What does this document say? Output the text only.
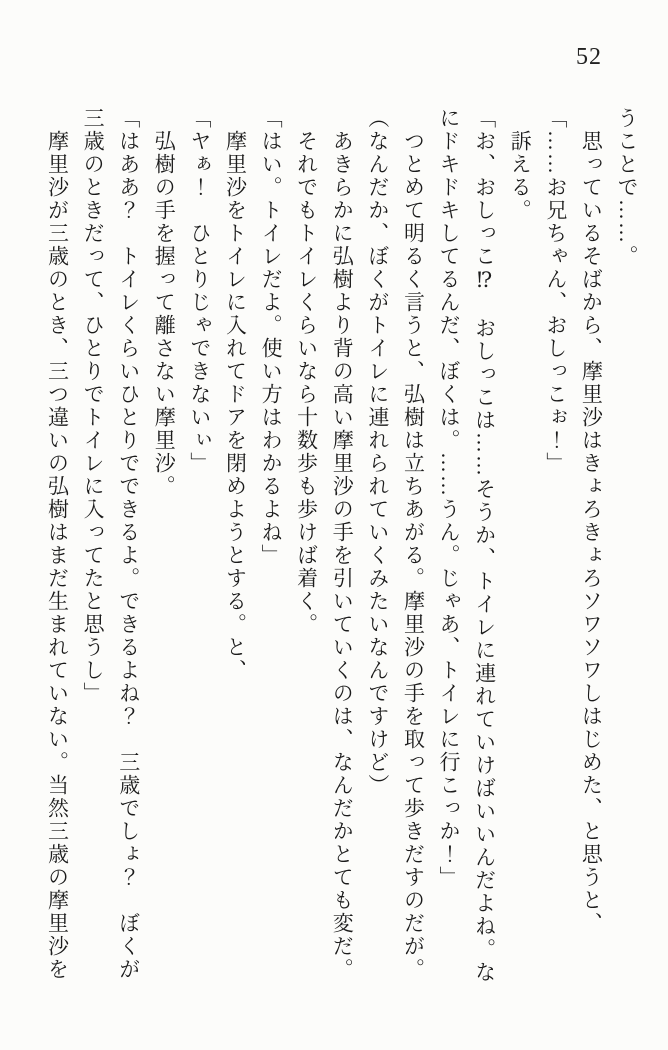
52

うことで……。

　思っているそばから、摩里沙はきょろきょろソワソワしはじめた、と思うと、

「……お兄ちゃん、おしっこぉ！」

　訴える。

「お、おしっこ⁉　おしっこは……そうか、トイレに連れていけばいいんだよね。なにドキドキしてるんだ、ぼくは。……うん。じゃあ、トイレに行こっか！」

　つとめて明るく言うと、弘樹は立ちあがる。摩里沙の手を取って歩きだすのだが。

（なんだか、ぼくがトイレに連れられていくみたいなんですけど）

　あきらかに弘樹より背の高い摩里沙の手を引いていくのは、なんだかとても変だ。

　それでもトイレくらいなら十数歩も歩けば着く。

「はい。トイレだよ。使い方はわかるよね」

　摩里沙をトイレに入れてドアを閉めようとする。と、

「ヤぁ！　ひとりじゃできないぃ」

　弘樹の手を握って離さない摩里沙。

「はああ？　トイレくらいひとりでできるよ。できるよね？　三歳でしょ？　ぼくが三歳のときだって、ひとりでトイレに入ってたと思うし」

　摩里沙が三歳のとき、三つ違いの弘樹はまだ生まれていない。当然三歳の摩里沙を
